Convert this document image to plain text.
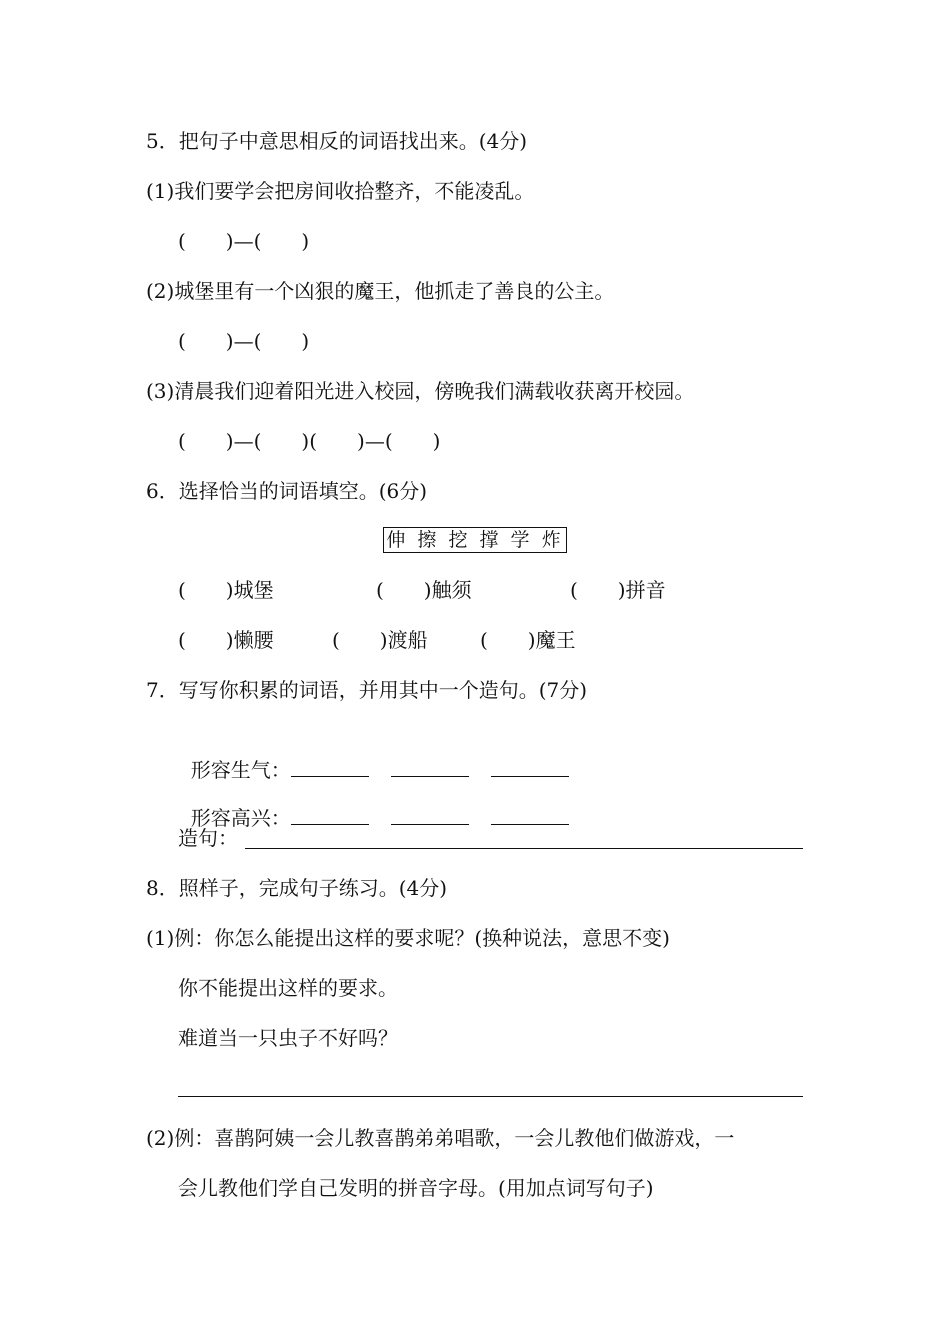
5．把句子中意思相反的词语找出来。(4分)
(1)我们要学会把房间收拾整齐，不能凌乱。
(　　)—(　　)
(2)城堡里有一个凶狠的魔王，他抓走了善良的公主。
(　　)—(　　)
(3)清晨我们迎着阳光进入校园，傍晚我们满载收获离开校园。
(　　)—(　　)(　　)—(　　)
6．选择恰当的词语填空。(6分)
伸 擦 挖 撑 学 炸
(　　)城堡	(　　)触须	(　　)拼音
(　　)懒腰	(　　)渡船	(　　)魔王
7．写写你积累的词语，并用其中一个造句。(7分)

形容生气：

形容高兴：

造句：
8．照样子，完成句子练习。(4分)
(1)例：你怎么能提出这样的要求呢？(换种说法，意思不变)
你不能提出这样的要求。
难道当一只虫子不好吗？
(2)例：喜鹊阿姨一会儿教喜鹊弟弟唱歌，一会儿教他们做游戏，一
会儿教他们学自己发明的拼音字母。(用加点词写句子)
